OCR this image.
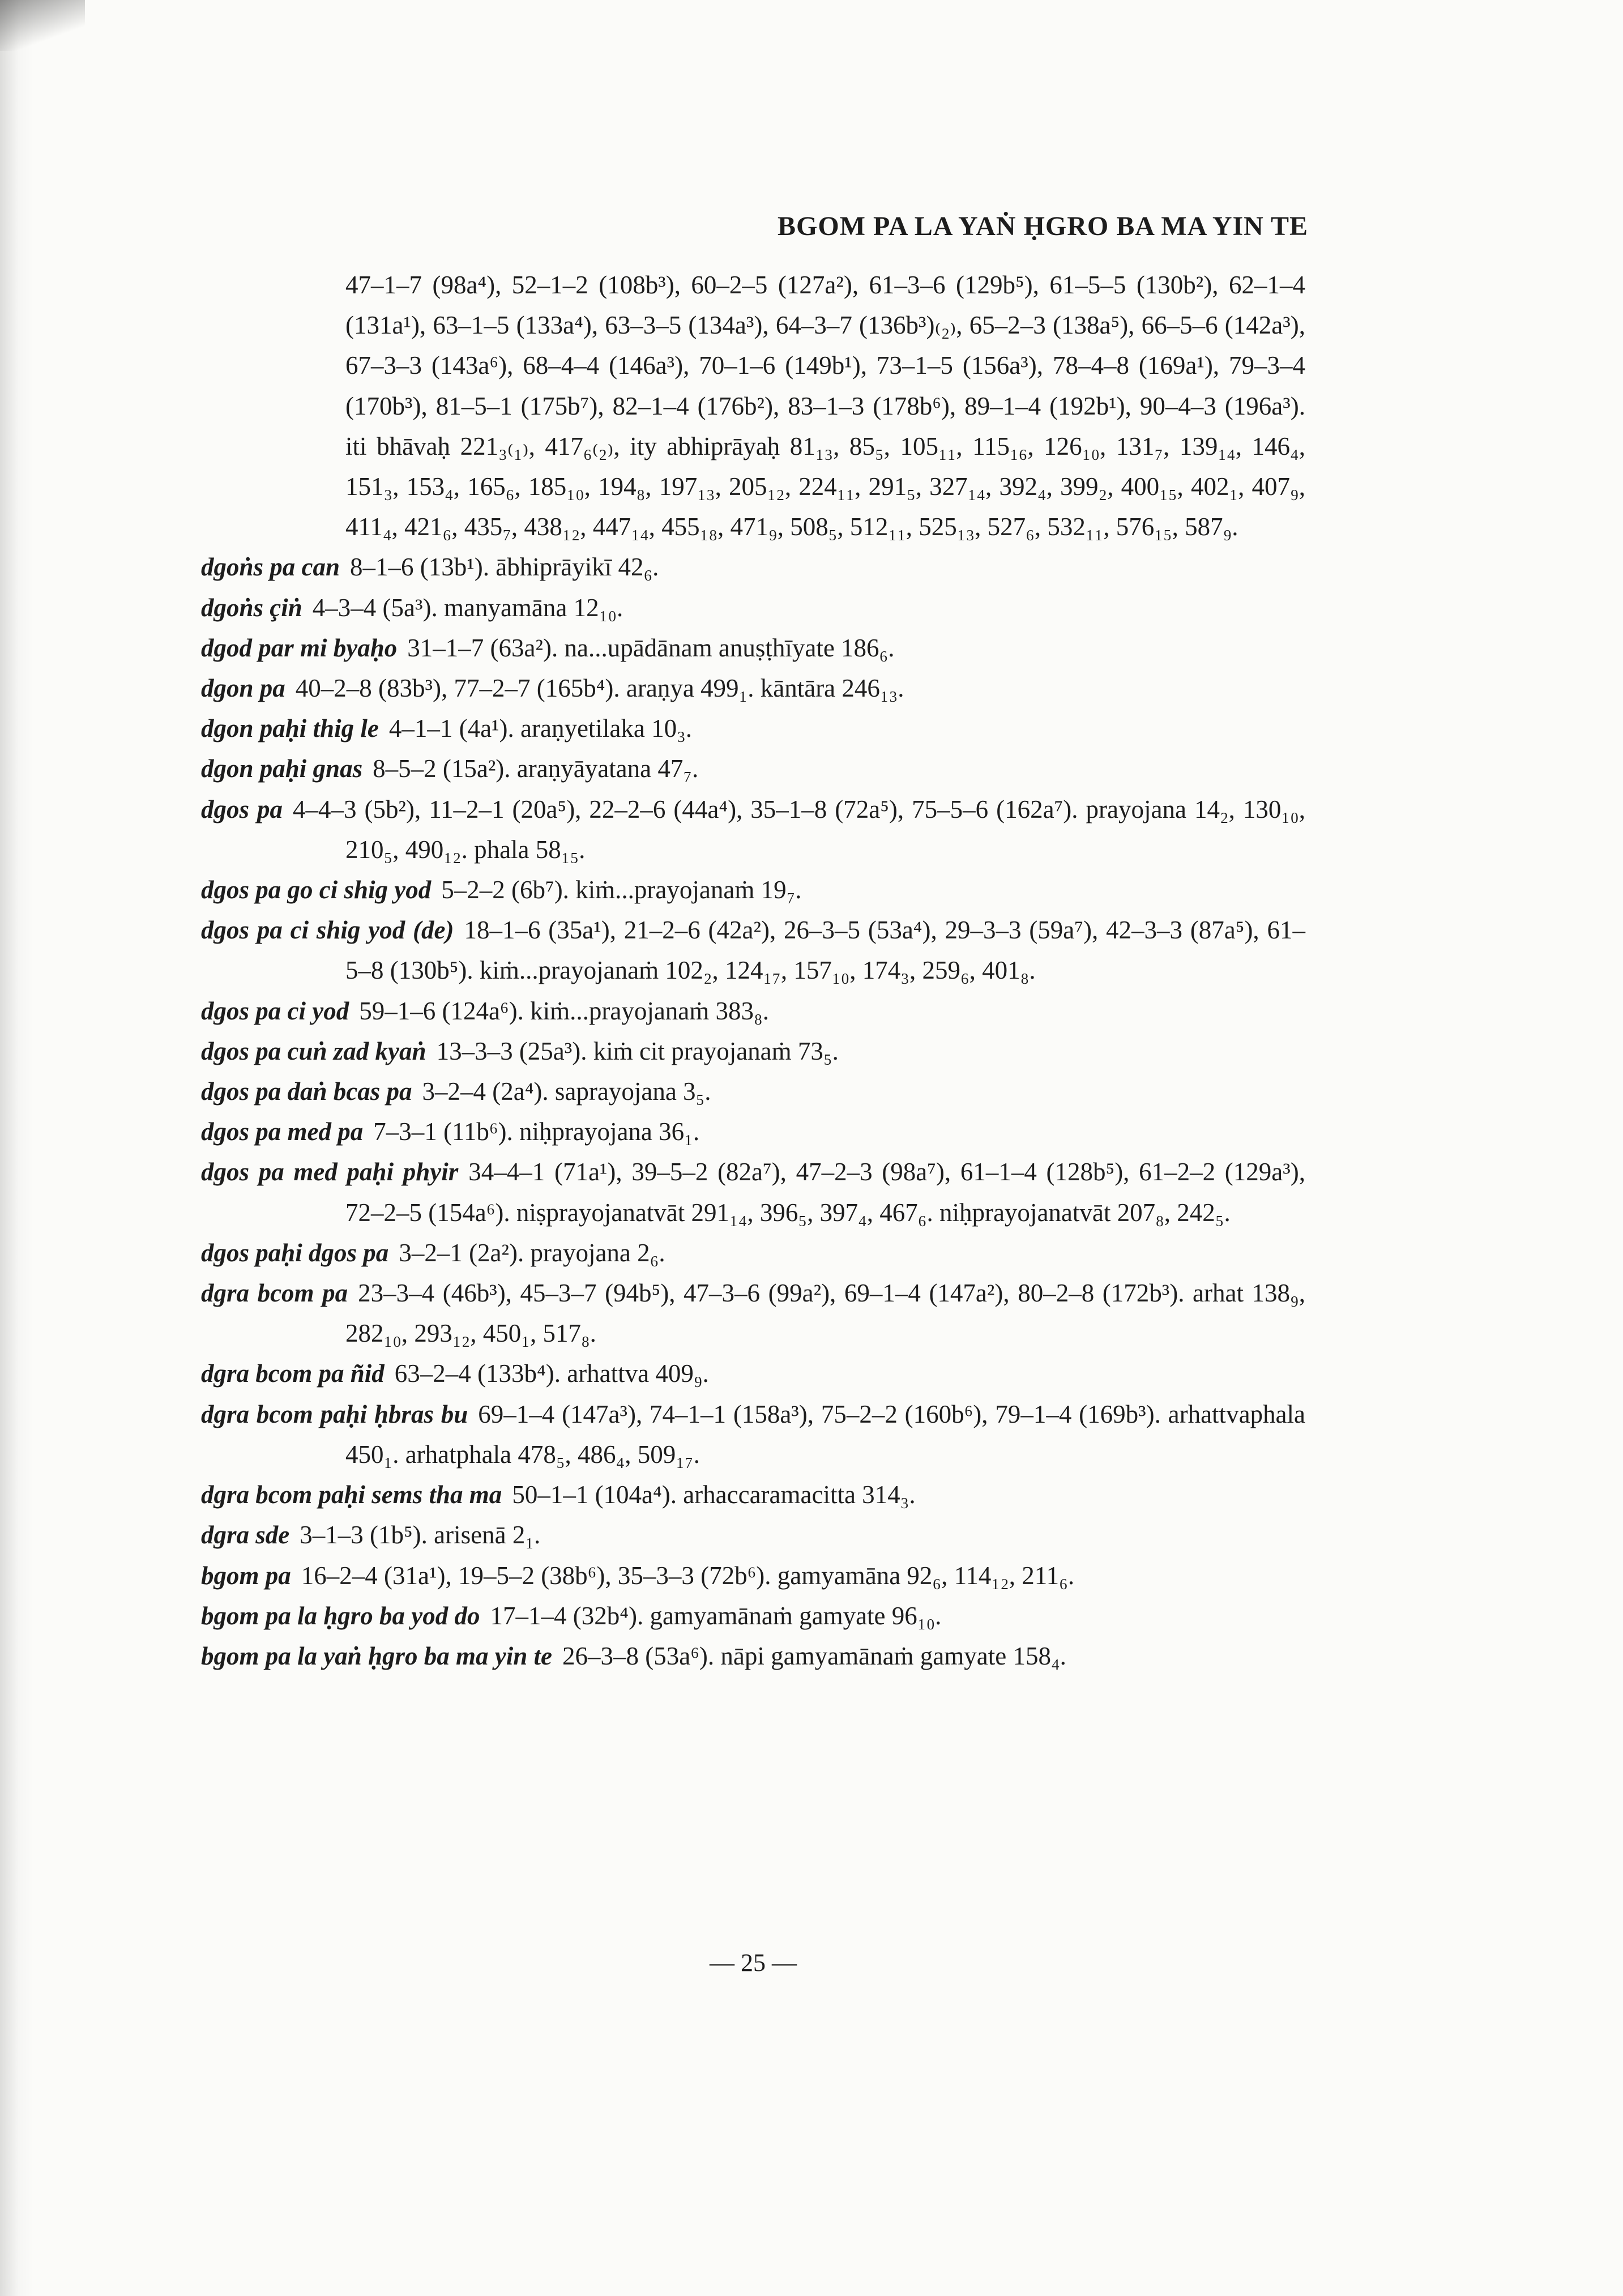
BGOM PA LA YAṄ ḤGRO BA MA YIN TE
47–1–7 (98a⁴), 52–1–2 (108b³), 60–2–5 (127a²), 61–3–6 (129b⁵), 61–5–5 (130b²), 62–1–4 (131a¹), 63–1–5 (133a⁴), 63–3–5 (134a³), 64–3–7 (136b³)₍₂₎, 65–2–3 (138a⁵), 66–5–6 (142a³), 67–3–3 (143a⁶), 68–4–4 (146a³), 70–1–6 (149b¹), 73–1–5 (156a³), 78–4–8 (169a¹), 79–3–4 (170b³), 81–5–1 (175b⁷), 82–1–4 (176b²), 83–1–3 (178b⁶), 89–1–4 (192b¹), 90–4–3 (196a³). iti bhāvaḥ 221₃₍₁₎, 417₆₍₂₎, ity abhiprāyaḥ 81₁₃, 85₅, 105₁₁, 115₁₆, 126₁₀, 131₇, 139₁₄, 146₄, 151₃, 153₄, 165₆, 185₁₀, 194₈, 197₁₃, 205₁₂, 224₁₁, 291₅, 327₁₄, 392₄, 399₂, 400₁₅, 402₁, 407₉, 411₄, 421₆, 435₇, 438₁₂, 447₁₄, 455₁₈, 471₉, 508₅, 512₁₁, 525₁₃, 527₆, 532₁₁, 576₁₅, 587₉.
dgoṅs pa can 8–1–6 (13b¹). ābhiprāyikī 42₆.
dgoṅs çiṅ 4–3–4 (5a³). manyamāna 12₁₀.
dgod par mi byaḥo 31–1–7 (63a²). na...upādānam anuṣṭhīyate 186₆.
dgon pa 40–2–8 (83b³), 77–2–7 (165b⁴). araṇya 499₁. kāntāra 246₁₃.
dgon paḥi thig le 4–1–1 (4a¹). araṇyetilaka 10₃.
dgon paḥi gnas 8–5–2 (15a²). araṇyāyatana 47₇.
dgos pa 4–4–3 (5b²), 11–2–1 (20a⁵), 22–2–6 (44a⁴), 35–1–8 (72a⁵), 75–5–6 (162a⁷). prayojana 14₂, 130₁₀, 210₅, 490₁₂. phala 58₁₅.
dgos pa go ci shig yod 5–2–2 (6b⁷). kiṁ...prayojanaṁ 19₇.
dgos pa ci shig yod (de) 18–1–6 (35a¹), 21–2–6 (42a²), 26–3–5 (53a⁴), 29–3–3 (59a⁷), 42–3–3 (87a⁵), 61–5–8 (130b⁵). kiṁ...prayojanaṁ 102₂, 124₁₇, 157₁₀, 174₃, 259₆, 401₈.
dgos pa ci yod 59–1–6 (124a⁶). kiṁ...prayojanaṁ 383₈.
dgos pa cuṅ zad kyaṅ 13–3–3 (25a³). kiṁ cit prayojanaṁ 73₅.
dgos pa daṅ bcas pa 3–2–4 (2a⁴). saprayojana 3₅.
dgos pa med pa 7–3–1 (11b⁶). niḥprayojana 36₁.
dgos pa med paḥi phyir 34–4–1 (71a¹), 39–5–2 (82a⁷), 47–2–3 (98a⁷), 61–1–4 (128b⁵), 61–2–2 (129a³), 72–2–5 (154a⁶). niṣprayojanatvāt 291₁₄, 396₅, 397₄, 467₆. niḥprayojanatvāt 207₈, 242₅.
dgos paḥi dgos pa 3–2–1 (2a²). prayojana 2₆.
dgra bcom pa 23–3–4 (46b³), 45–3–7 (94b⁵), 47–3–6 (99a²), 69–1–4 (147a²), 80–2–8 (172b³). arhat 138₉, 282₁₀, 293₁₂, 450₁, 517₈.
dgra bcom pa ñid 63–2–4 (133b⁴). arhattva 409₉.
dgra bcom paḥi ḥbras bu 69–1–4 (147a³), 74–1–1 (158a³), 75–2–2 (160b⁶), 79–1–4 (169b³). arhattvaphala 450₁. arhatphala 478₅, 486₄, 509₁₇.
dgra bcom paḥi sems tha ma 50–1–1 (104a⁴). arhaccaramacitta 314₃.
dgra sde 3–1–3 (1b⁵). arisenā 2₁.
bgom pa 16–2–4 (31a¹), 19–5–2 (38b⁶), 35–3–3 (72b⁶). gamyamāna 92₆, 114₁₂, 211₆.
bgom pa la ḥgro ba yod do 17–1–4 (32b⁴). gamyamānaṁ gamyate 96₁₀.
bgom pa la yaṅ ḥgro ba ma yin te 26–3–8 (53a⁶). nāpi gamyamānaṁ gamyate 158₄.
— 25 —
